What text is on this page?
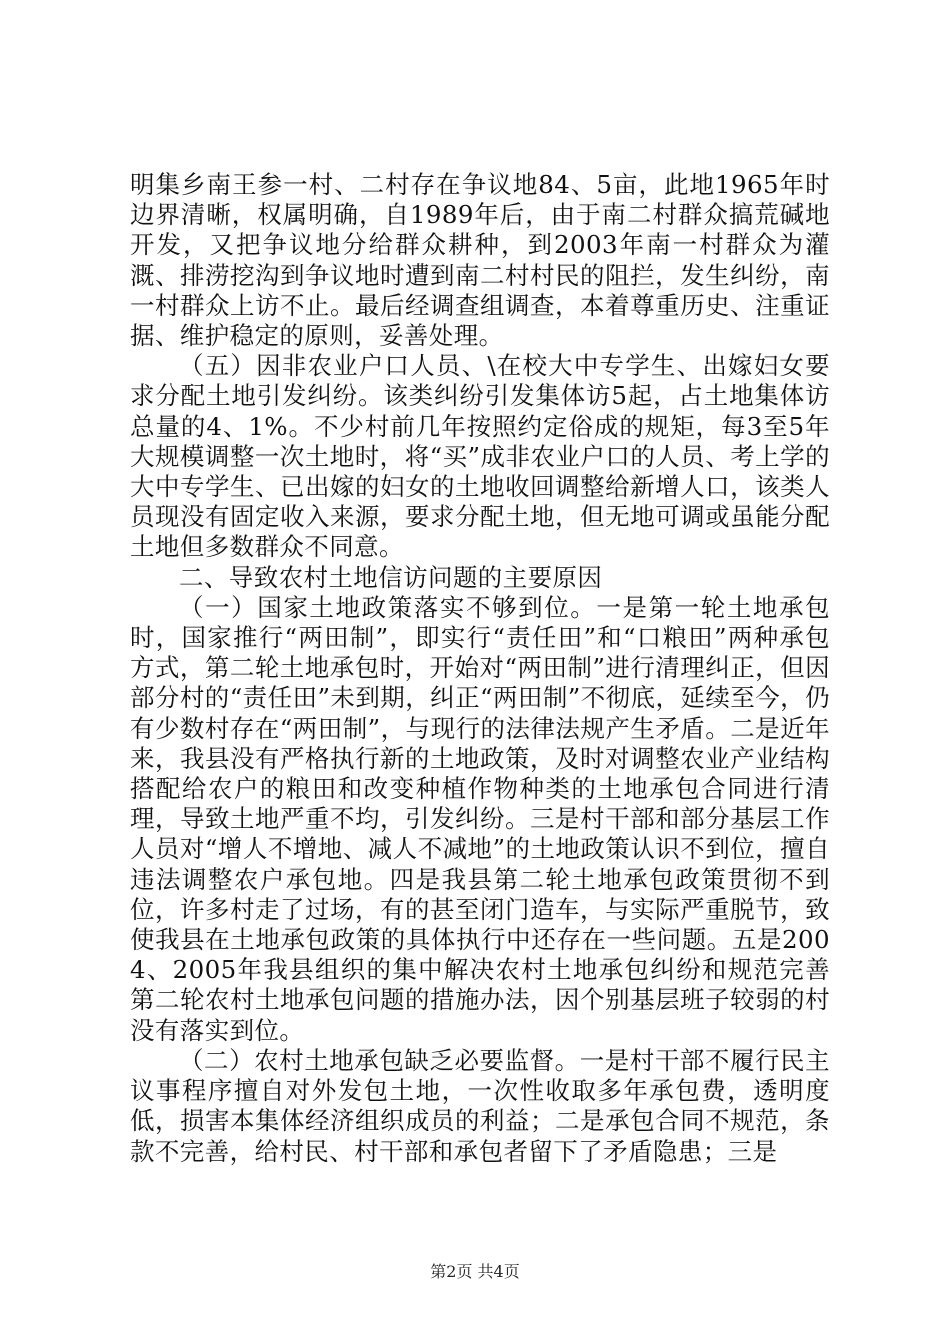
明集乡南王参一村、二村存在争议地84、5亩，此地1965年时边界清晰，权属明确，自1989年后，由于南二村群众搞荒碱地开发，又把争议地分给群众耕种，到2003年南一村群众为灌溉、排涝挖沟到争议地时遭到南二村村民的阻拦，发生纠纷，南一村群众上访不止。最后经调查组调查，本着尊重历史、注重证据、维护稳定的原则，妥善处理。

（五）因非农业户口人员、\在校大中专学生、出嫁妇女要求分配土地引发纠纷。该类纠纷引发集体访5起，占土地集体访总量的4、1%。不少村前几年按照约定俗成的规矩，每3至5年大规模调整一次土地时，将“买”成非农业户口的人员、考上学的大中专学生、已出嫁的妇女的土地收回调整给新增人口，该类人员现没有固定收入来源，要求分配土地，但无地可调或虽能分配土地但多数群众不同意。

二、导致农村土地信访问题的主要原因

（一）国家土地政策落实不够到位。一是第一轮土地承包时，国家推行“两田制”，即实行“责任田”和“口粮田”两种承包方式，第二轮土地承包时，开始对“两田制”进行清理纠正，但因部分村的“责任田”未到期，纠正“两田制”不彻底，延续至今，仍有少数村存在“两田制”，与现行的法律法规产生矛盾。二是近年来，我县没有严格执行新的土地政策，及时对调整农业产业结构搭配给农户的粮田和改变种植作物种类的土地承包合同进行清理，导致土地严重不均，引发纠纷。三是村干部和部分基层工作人员对“增人不增地、减人不减地”的土地政策认识不到位，擅自违法调整农户承包地。四是我县第二轮土地承包政策贯彻不到位，许多村走了过场，有的甚至闭门造车，与实际严重脱节，致使我县在土地承包政策的具体执行中还存在一些问题。五是2004、2005年我县组织的集中解决农村土地承包纠纷和规范完善第二轮农村土地承包问题的措施办法，因个别基层班子较弱的村没有落实到位。

（二）农村土地承包缺乏必要监督。一是村干部不履行民主议事程序擅自对外发包土地，一次性收取多年承包费，透明度低，损害本集体经济组织成员的利益；二是承包合同不规范，条款不完善，给村民、村干部和承包者留下了矛盾隐患；三是

第2页 共4页
